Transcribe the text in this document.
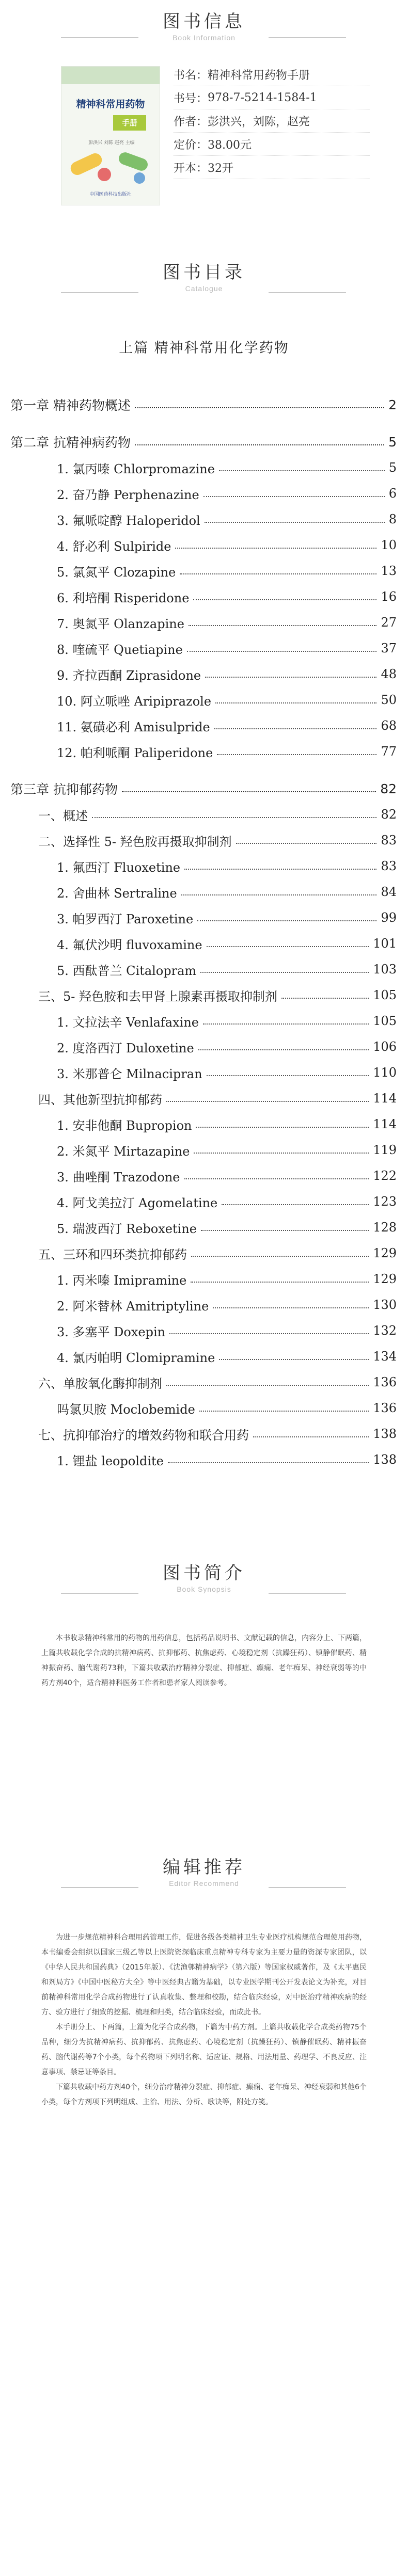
图书信息
Book Information
精神科常用药物
手册
彭洪兴 刘陈 赵亮 主编
中国医药科技出版社
书名： 精神科常用药物手册
书号： 978-7-5214-1584-1
作者： 彭洪兴，刘陈，赵亮
定价： 38.00元
开本： 32开
图书目录
Catalogue
上篇 精神科常用化学药物
第一章 精神药物概述	2
第二章 抗精神病药物	5
1. 氯丙嗪 Chlorpromazine	5
2. 奋乃静 Perphenazine	6
3. 氟哌啶醇 Haloperidol	8
4. 舒必利 Sulpiride	10
5. 氯氮平 Clozapine	13
6. 利培酮 Risperidone	16
7. 奥氮平 Olanzapine	27
8. 喹硫平 Quetiapine	37
9. 齐拉西酮 Ziprasidone	48
10. 阿立哌唑 Aripiprazole	50
11. 氨磺必利 Amisulpride	68
12. 帕利哌酮 Paliperidone	77
第三章 抗抑郁药物	82
一、概述	82
二、选择性 5- 羟色胺再摄取抑制剂	83
1. 氟西汀 Fluoxetine	83
2. 舍曲林 Sertraline	84
3. 帕罗西汀 Paroxetine	99
4. 氟伏沙明 fluvoxamine	101
5. 西酞普兰 Citalopram	103
三、5- 羟色胺和去甲肾上腺素再摄取抑制剂	105
1. 文拉法辛 Venlafaxine	105
2. 度洛西汀 Duloxetine	106
3. 米那普仑 Milnacipran	110
四、其他新型抗抑郁药	114
1. 安非他酮 Bupropion	114
2. 米氮平 Mirtazapine	119
3. 曲唑酮 Trazodone	122
4. 阿戈美拉汀 Agomelatine	123
5. 瑞波西汀 Reboxetine	128
五、三环和四环类抗抑郁药	129
1. 丙米嗪 Imipramine	129
2. 阿米替林 Amitriptyline	130
3. 多塞平 Doxepin	132
4. 氯丙帕明 Clomipramine	134
六、单胺氧化酶抑制剂	136
吗氯贝胺 Moclobemide	136
七、抗抑郁治疗的增效药物和联合用药	138
1. 锂盐 leopoldite	138
图书简介
Book Synopsis

本书收录精神科常用的药物的用药信息，包括药品说明书、文献记载的信息，内容分上、下两篇，上篇共收载化学合成的抗精神病药、抗抑郁药、抗焦虑药、心境稳定剂（抗躁狂药）、镇静催眠药、精神振奋药、脑代谢药73种，下篇共收载治疗精神分裂症、抑郁症、癫痫、老年痴呆、神经衰弱等的中药方剂40个，适合精神科医务工作者和患者家人阅读参考。

编辑推荐
Editor Recommend

为进一步规范精神科合理用药管理工作，促进各级各类精神卫生专业医疗机构规范合理使用药物，本书编委会组织以国家三级乙等以上医院资深临床重点精神专科专家为主要力量的资深专家团队，以《中华人民共和国药典》（2015年版）、《沈渔邨精神病学》（第六版）等国家权威著作，及《太平惠民和剂局方》《中国中医秘方大全》等中医经典古籍为基础，以专业医学期刊公开发表论文为补充，对目前精神科常用化学合成药物进行了认真收集、整理和校勘，结合临床经验，对中医治疗精神疾病的经方、验方进行了细致的挖掘、梳理和归类，结合临床经验，而成此书。

本手册分上、下两篇，上篇为化学合成药物，下篇为中药方剂。上篇共收载化学合成类药物75个品种，细分为抗精神病药、抗抑郁药、抗焦虑药、心境稳定剂（抗躁狂药）、镇静催眠药、精神振奋药、脑代谢药等7个小类，每个药物项下列明名称、适应证、规格、用法用量、药理学、不良反应、注意事项、禁忌证等条目。

下篇共收载中药方剂40个，细分治疗精神分裂症、抑郁症、癫痫、老年痴呆、神经衰弱和其他6个小类，每个方剂项下列明组成、主治、用法、分析、歌诀等，附处方笺。
